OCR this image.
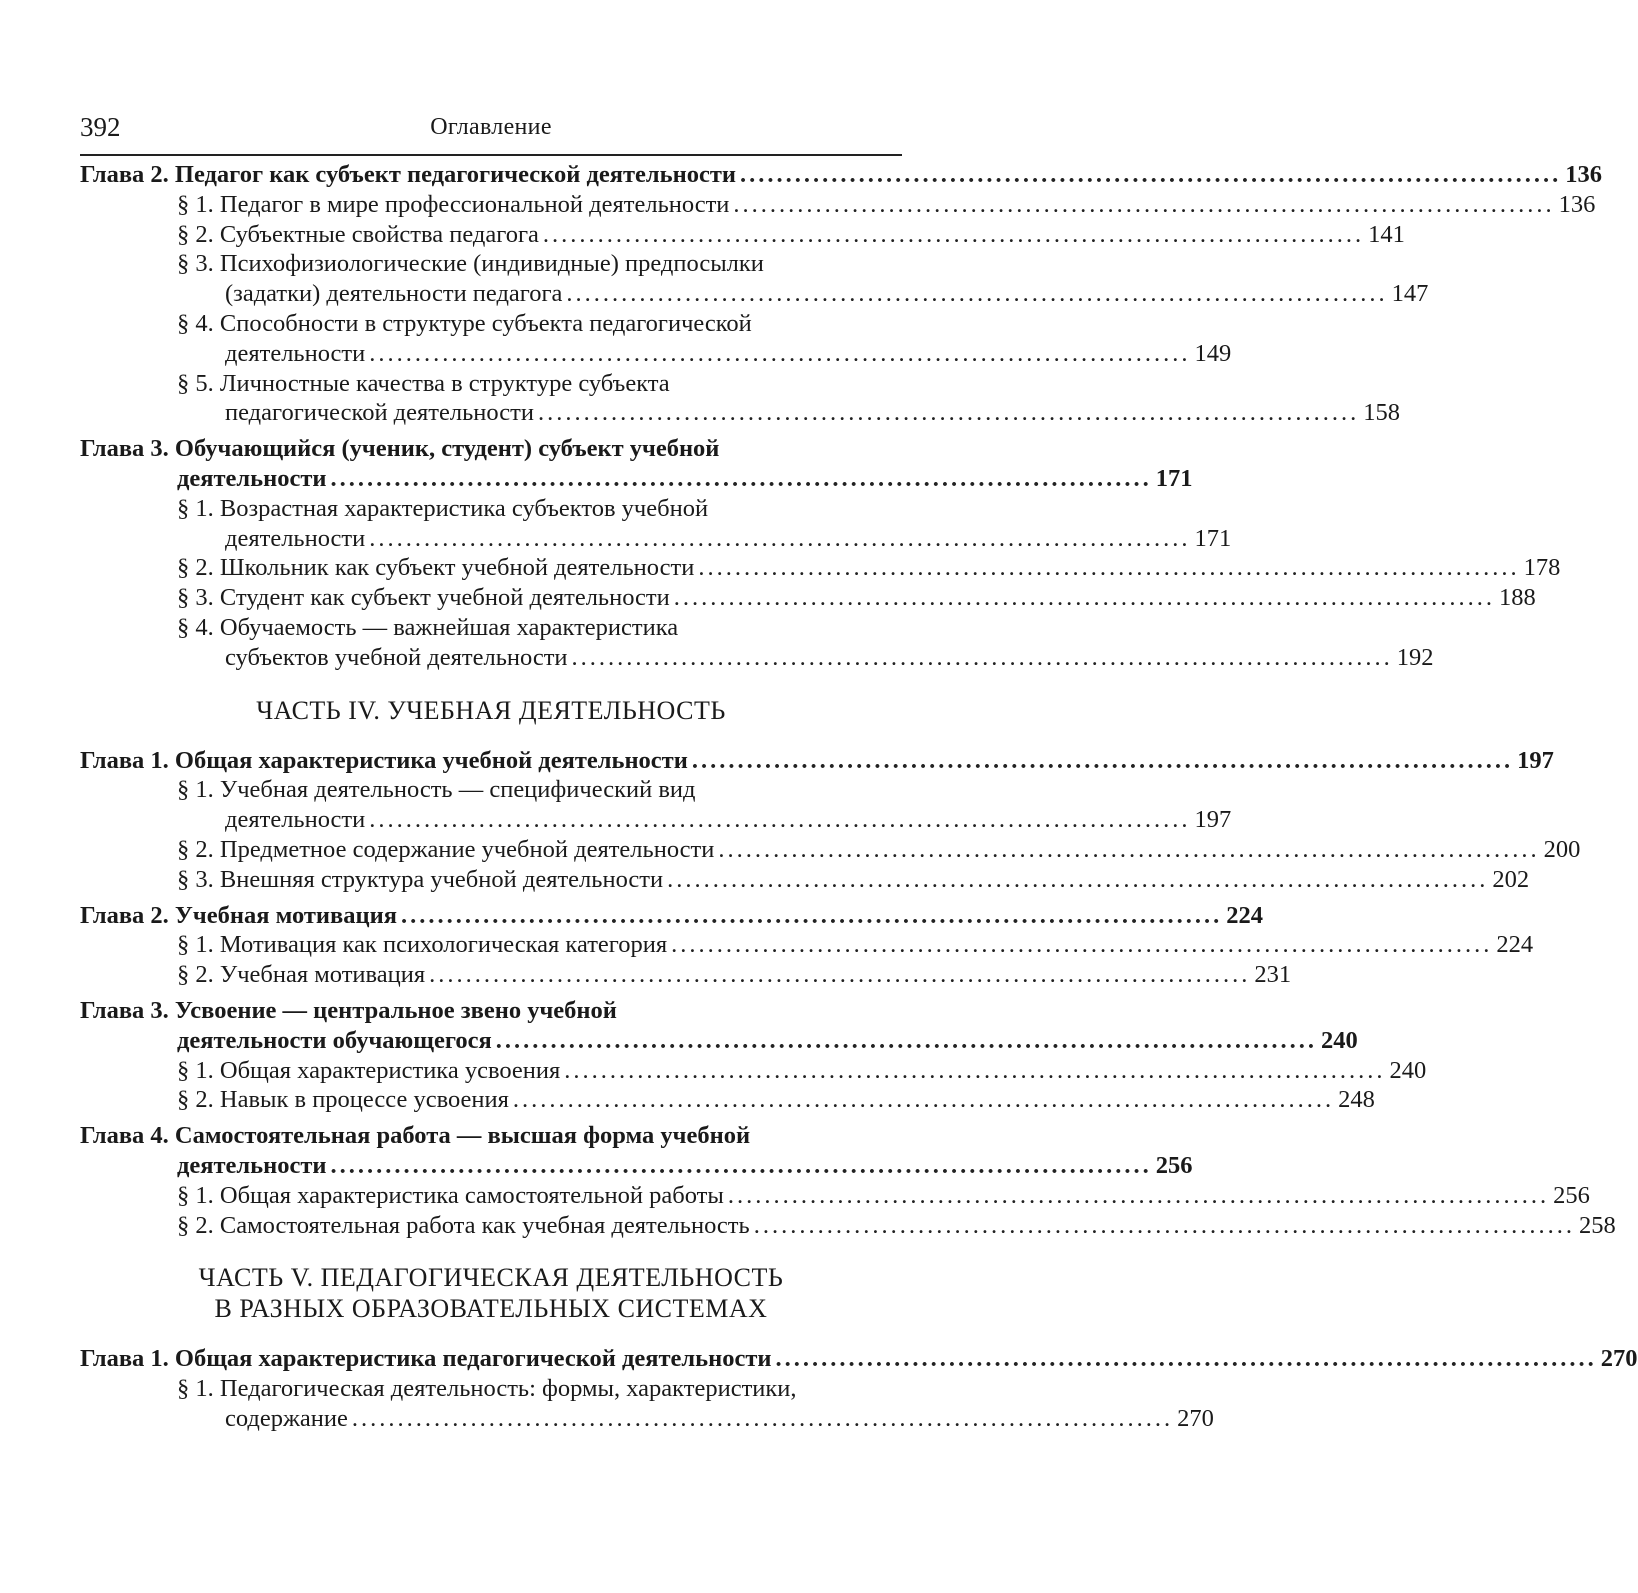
392	Оглавление
Глава 2. Педагог как субъект педагогической деятельности .......................................................................................... 136
§ 1. Педагог в мире профессиональной деятельности .......................................................................................... 136
§ 2. Субъектные свойства педагога .......................................................................................... 141
§ 3. Психофизиологические (индивидные) предпосылки
(задатки) деятельности педагога .......................................................................................... 147
§ 4. Способности в структуре субъекта педагогической
деятельности .......................................................................................... 149
§ 5. Личностные качества в структуре субъекта
педагогической деятельности .......................................................................................... 158
Глава 3. Обучающийся (ученик, студент) субъект учебной
деятельности .......................................................................................... 171
§ 1. Возрастная характеристика субъектов учебной
деятельности .......................................................................................... 171
§ 2. Школьник как субъект учебной деятельности .......................................................................................... 178
§ 3. Студент как субъект учебной деятельности .......................................................................................... 188
§ 4. Обучаемость — важнейшая характеристика
субъектов учебной деятельности .......................................................................................... 192
ЧАСТЬ IV. УЧЕБНАЯ ДЕЯТЕЛЬНОСТЬ
Глава 1. Общая характеристика учебной деятельности .......................................................................................... 197
§ 1. Учебная деятельность — специфический вид
деятельности .......................................................................................... 197
§ 2. Предметное содержание учебной деятельности .......................................................................................... 200
§ 3. Внешняя структура учебной деятельности .......................................................................................... 202
Глава 2. Учебная мотивация .......................................................................................... 224
§ 1. Мотивация как психологическая категория .......................................................................................... 224
§ 2. Учебная мотивация .......................................................................................... 231
Глава 3. Усвоение — центральное звено учебной
деятельности обучающегося .......................................................................................... 240
§ 1. Общая характеристика усвоения .......................................................................................... 240
§ 2. Навык в процессе усвоения .......................................................................................... 248
Глава 4. Самостоятельная работа — высшая форма учебной
деятельности .......................................................................................... 256
§ 1. Общая характеристика самостоятельной работы .......................................................................................... 256
§ 2. Самостоятельная работа как учебная деятельность .......................................................................................... 258
ЧАСТЬ V. ПЕДАГОГИЧЕСКАЯ ДЕЯТЕЛЬНОСТЬ
В РАЗНЫХ ОБРАЗОВАТЕЛЬНЫХ СИСТЕМАХ
Глава 1. Общая характеристика педагогической деятельности .......................................................................................... 270
§ 1. Педагогическая деятельность: формы, характеристики,
содержание .......................................................................................... 270
